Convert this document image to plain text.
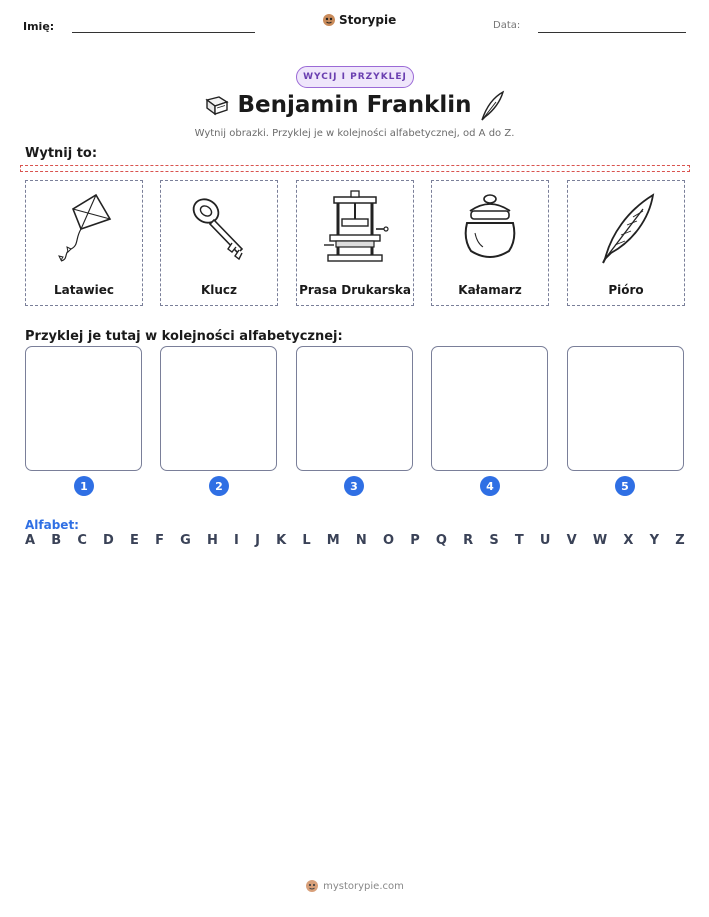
Imię:	Storypie	Data:
WYCIJ I PRZYKLEJ
Benjamin Franklin
Wytnij obrazki. Przyklej je w kolejności alfabetycznej, od A do Z.
Wytnij to:
Latawiec	Klucz	Prasa Drukarska	Kałamarz	Pióro
Przyklej je tutaj w kolejności alfabetycznej:
1	2	3	4	5
Alfabet:
A B C D E F G H I J K L M N O P Q R S T U V W X Y Z
mystorypie.com
